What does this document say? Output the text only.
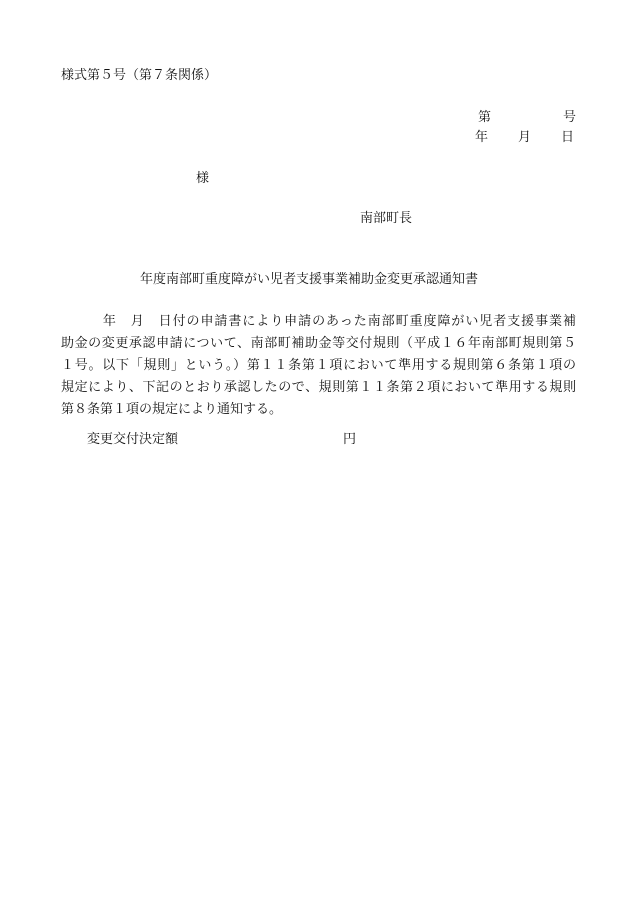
様式第５号（第７条関係）
第	号
年 月 日
様
南部町長
年度南部町重度障がい児者支援事業補助金変更承認通知書
　　　年　月　日付の申請書により申請のあった南部町重度障がい児者支援事業補
助金の変更承認申請について、南部町補助金等交付規則（平成１６年南部町規則第５
１号。以下「規則」という。）第１１条第１項において準用する規則第６条第１項の
規定により、下記のとおり承認したので、規則第１１条第２項において準用する規則
第８条第１項の規定により通知する。
変更交付決定額	円
